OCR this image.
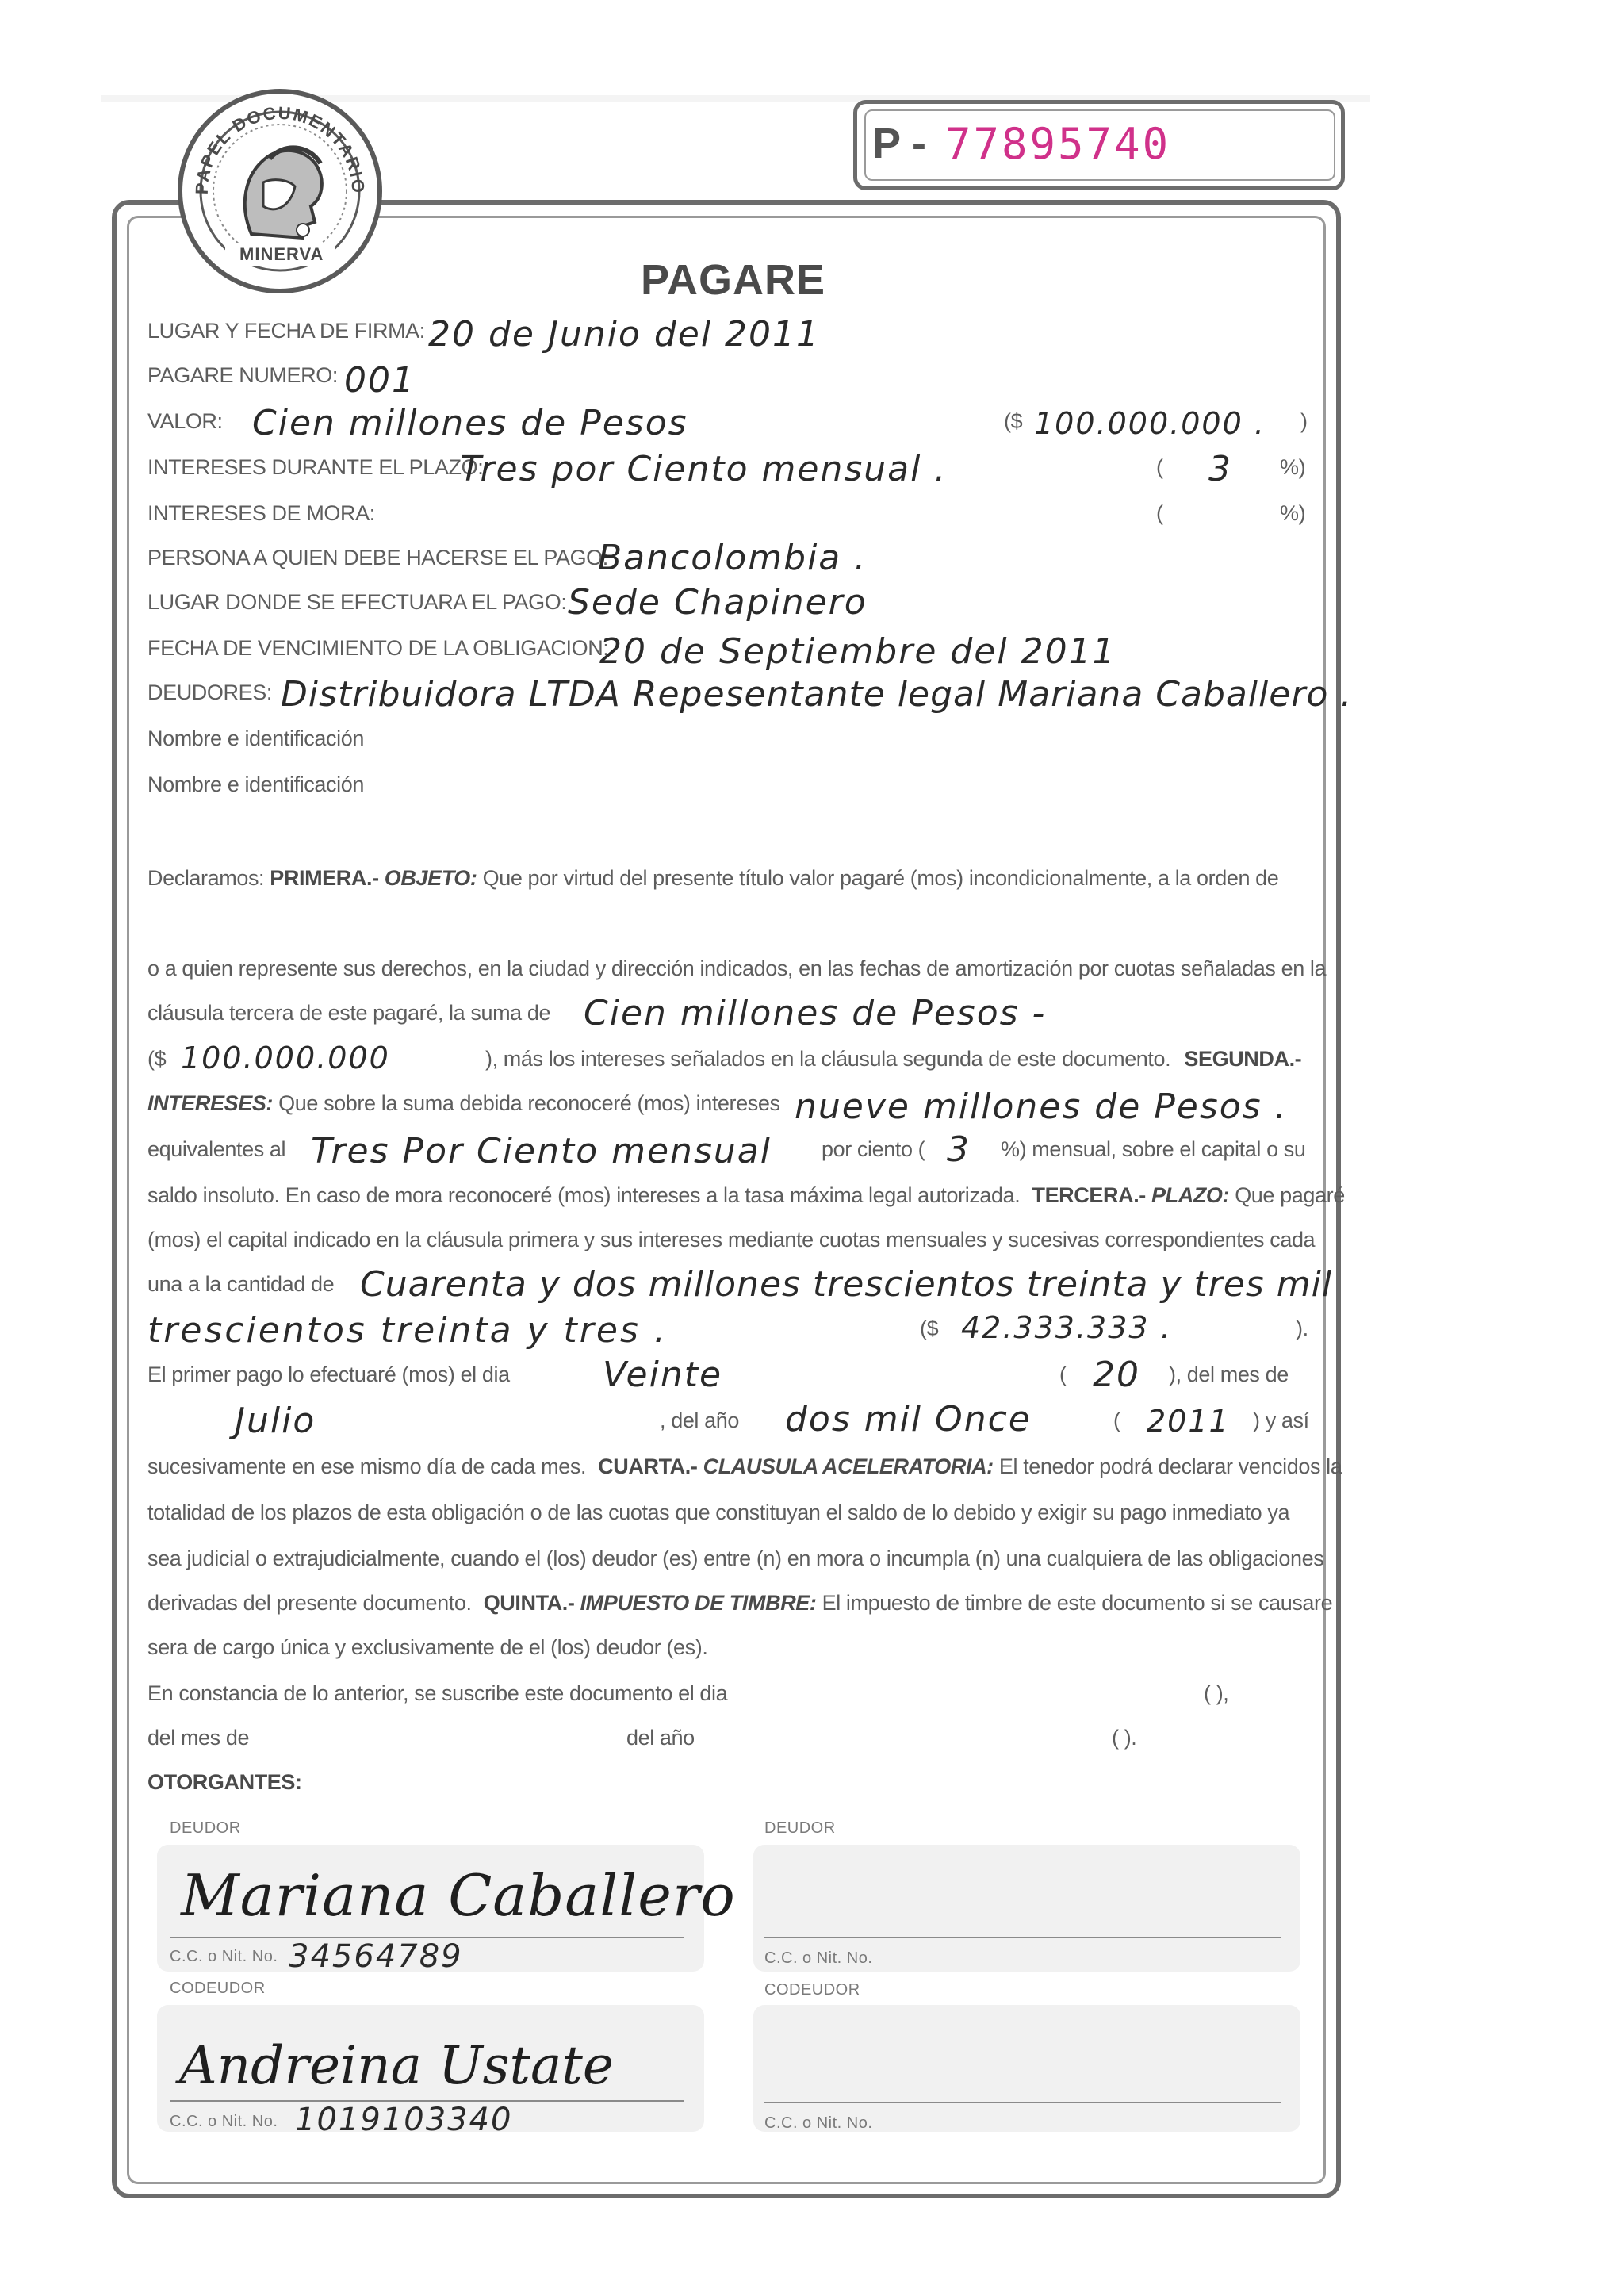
PAPEL DOCUMENTARIO
MINERVA
P - 77895740
PAGARE
LUGAR Y FECHA DE FIRMA: 20 de Junio del 2011
PAGARE NUMERO: 001
VALOR: Cien millones de Pesos	($ 100.000.000 . )
INTERESES DURANTE EL PLAZO:
Tres por Ciento mensual .	( 3 %)
INTERESES DE MORA:	(	%)
PERSONA A QUIEN DEBE HACERSE EL PAGO:
Bancolombia .
LUGAR DONDE SE EFECTUARA EL PAGO: Sede Chapinero
FECHA DE VENCIMIENTO DE LA OBLIGACION:
20 de Septiembre del 2011
DEUDORES: Distribuidora LTDA Repesentante legal Mariana Caballero .
Nombre e identificación
Nombre e identificación
Declaramos: PRIMERA.- OBJETO: Que por virtud del presente título valor pagaré (mos) incondicionalmente, a la orden de
o a quien represente sus derechos, en la ciudad y dirección indicados, en las fechas de amortización por cuotas señaladas en la
cláusula tercera de este pagaré, la suma de Cien millones de Pesos -
($ 100.000.000	), más los intereses señalados en la cláusula segunda de este documento. SEGUNDA.-
INTERESES: Que sobre la suma debida reconoceré (mos) intereses nueve millones de Pesos .
equivalentes al Tres Por Ciento mensual por ciento ( 3 %) mensual, sobre el capital o su
saldo insoluto. En caso de mora reconoceré (mos) intereses a la tasa máxima legal autorizada. TERCERA.- PLAZO: Que pagaré
(mos) el capital indicado en la cláusula primera y sus intereses mediante cuotas mensuales y sucesivas correspondientes cada
una a la cantidad de Cuarenta y dos millones trescientos treinta y tres mil
trescientos treinta y tres .	($ 42.333.333 .	).
El primer pago lo efectuaré (mos) el dia	Veinte	( 20 ), del mes de
Julio	, del año dos mil Once	( 2011 ) y así
sucesivamente en ese mismo día de cada mes. CUARTA.- CLAUSULA ACELERATORIA: El tenedor podrá declarar vencidos la
totalidad de los plazos de esta obligación o de las cuotas que constituyan el saldo de lo debido y exigir su pago inmediato ya
sea judicial o extrajudicialmente, cuando el (los) deudor (es) entre (n) en mora o incumpla (n) una cualquiera de las obligaciones
derivadas del presente documento. QUINTA.- IMPUESTO DE TIMBRE: El impuesto de timbre de este documento si se causare
sera de cargo única y exclusivamente de el (los) deudor (es).
En constancia de lo anterior, se suscribe este documento el dia	( ),
del mes de	del año	( ).
OTORGANTES:
DEUDOR	DEUDOR
Mariana Caballero
C.C. o Nit. No. 34564789	C.C. o Nit. No.
CODEUDOR	CODEUDOR
Andreina Ustate
C.C. o Nit. No. 1019103340	C.C. o Nit. No.
